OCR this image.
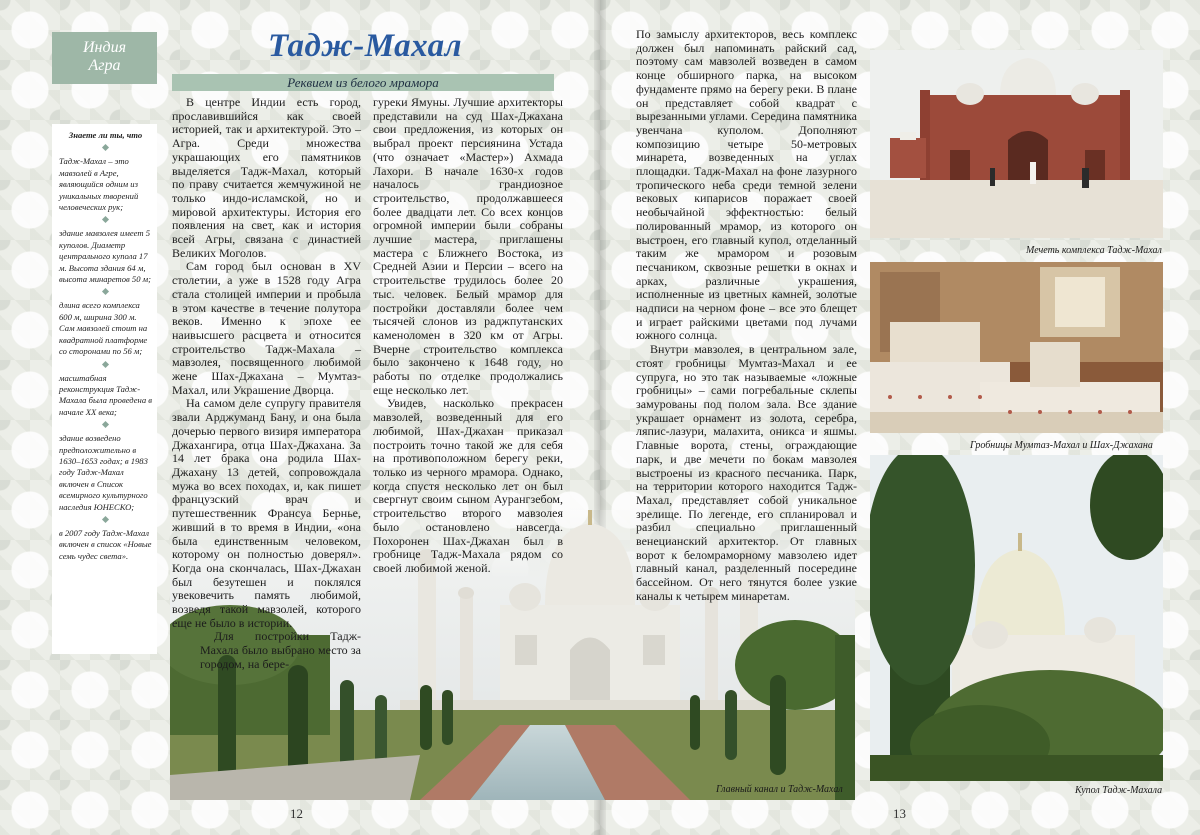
Индия
Агра
Знаете ли ты, что
Тадж-Махал – это мавзолей в Агре, являющийся одним из уникальных творений человеческих рук;
здание мавзолея имеет 5 куполов. Диаметр центрального купола 17 м. Высота здания 64 м, высота минаретов 50 м;
длина всего комплекса 600 м, ширина 300 м. Сам мавзолей стоит на квадратной платформе со сторонами по 56 м;
масштабная реконструкция Тадж-Махала была проведена в начале XX века;
здание возведено предположительно в 1630–1653 годах; в 1983 году Тадж-Махал включен в Список всемирного культурного наследия ЮНЕСКО;
в 2007 году Тадж-Махал включен в список «Новые семь чудес света».
Тадж-Махал
Реквием из белого мрамора

В центре Индии есть город, прославившийся как своей историей, так и архитектурой. Это – Агра. Среди множества украшающих его памятников выделяется Тадж-Махал, который по праву считается жемчужиной не только индо-исламской, но и мировой архитектуры. История его появления на свет, как и история всей Агры, связана с династией Великих Моголов.

Сам город был основан в XV столетии, а уже в 1528 году Агра стала столицей империи и пробыла в этом качестве в течение полутора веков. Именно к эпохе ее наивысшего расцвета и относится строительство Тадж-Махала – мавзолея, посвященного любимой жене Шах-Джахана – Мумтаз-Махал, или Украшение Дворца.

На самом деле супругу правителя звали Арджуманд Бану, и она была дочерью первого визиря императора Джахангира, отца Шах-Джахана. За 14 лет брака она родила Шах-Джахану 13 детей, сопровождала мужа во всех походах, и, как пишет французский врач и путешественник Франсуа Бернье, живший в то время в Индии, «она была единственным человеком, которому он полностью доверял». Когда она скончалась, Шах-Джахан был безутешен и поклялся увековечить память любимой, возведя такой мавзолей, которого еще не было в истории.

Для постройки Тадж-Махала было выбрано место за городом, на бере-

гуреки Ямуны. Лучшие архитекторы представили на суд Шах-Джахана свои предложения, из которых он выбрал проект персиянина Устада (что означает «Мастер») Ахмада Лахори. В начале 1630-х годов началось грандиозное строительство, продолжавшееся более двадцати лет. Со всех концов огромной империи были собраны лучшие мастера, приглашены мастера с Ближнего Востока, из Средней Азии и Персии – всего на строительстве трудилось более 20 тыс. человек. Белый мрамор для постройки доставляли более чем тысячей слонов из раджпутанских каменоломен в 320 км от Агры. Вчерне строительство комплекса было закончено к 1648 году, но работы по отделке продолжались еще несколько лет.

Увидев, насколько прекрасен мавзолей, возведенный для его любимой, Шах-Джахан приказал построить точно такой же для себя на противоположном берегу реки, только из черного мрамора. Однако, когда спустя несколько лет он был свергнут своим сыном Аурангзебом, строительство второго мавзолея было остановлено навсегда. Похоронен Шах-Джахан был в гробнице Тадж-Махала рядом со своей любимой женой.

Главный канал и Тадж-Махал
12

По замыслу архитекторов, весь комплекс должен был напоминать райский сад, поэтому сам мавзолей возведен в самом конце обширного парка, на высоком фундаменте прямо на берегу реки. В плане он представляет собой квадрат с вырезанными углами. Середина памятника увенчана куполом. Дополняют композицию четыре 50-метровых минарета, возведенных на углах площадки. Тадж-Махал на фоне лазурного тропического неба среди темной зелени вековых кипарисов поражает своей необычайной эффектностью: белый полированный мрамор, из которого он выстроен, его главный купол, отделанный таким же мрамором и розовым песчаником, сквозные решетки в окнах и арках, различные украшения, исполненные из цветных камней, золотые надписи на черном фоне – все это блещет и играет райскими цветами под лучами южного солнца.

Внутри мавзолея, в центральном зале, стоят гробницы Мумтаз-Махал и ее супруга, но это так называемые «ложные гробницы» – сами погребальные склепы замурованы под полом зала. Все здание украшает орнамент из золота, серебра, ляпис-лазури, малахита, оникса и яшмы. Главные ворота, стены, ограждающие парк, и две мечети по бокам мавзолея выстроены из красного песчаника. Парк, на территории которого находится Тадж-Махал, представляет собой уникальное зрелище. По легенде, его спланировал и разбил специально приглашенный венецианский архитектор. От главных ворот к беломраморному мавзолею идет главный канал, разделенный посередине бассейном. От него тянутся более узкие каналы к четырем минаретам.

Мечеть комплекса Тадж-Махал
Гробницы Мумтаз-Махал и Шах-Джахана
Купол Тадж-Махала
13
